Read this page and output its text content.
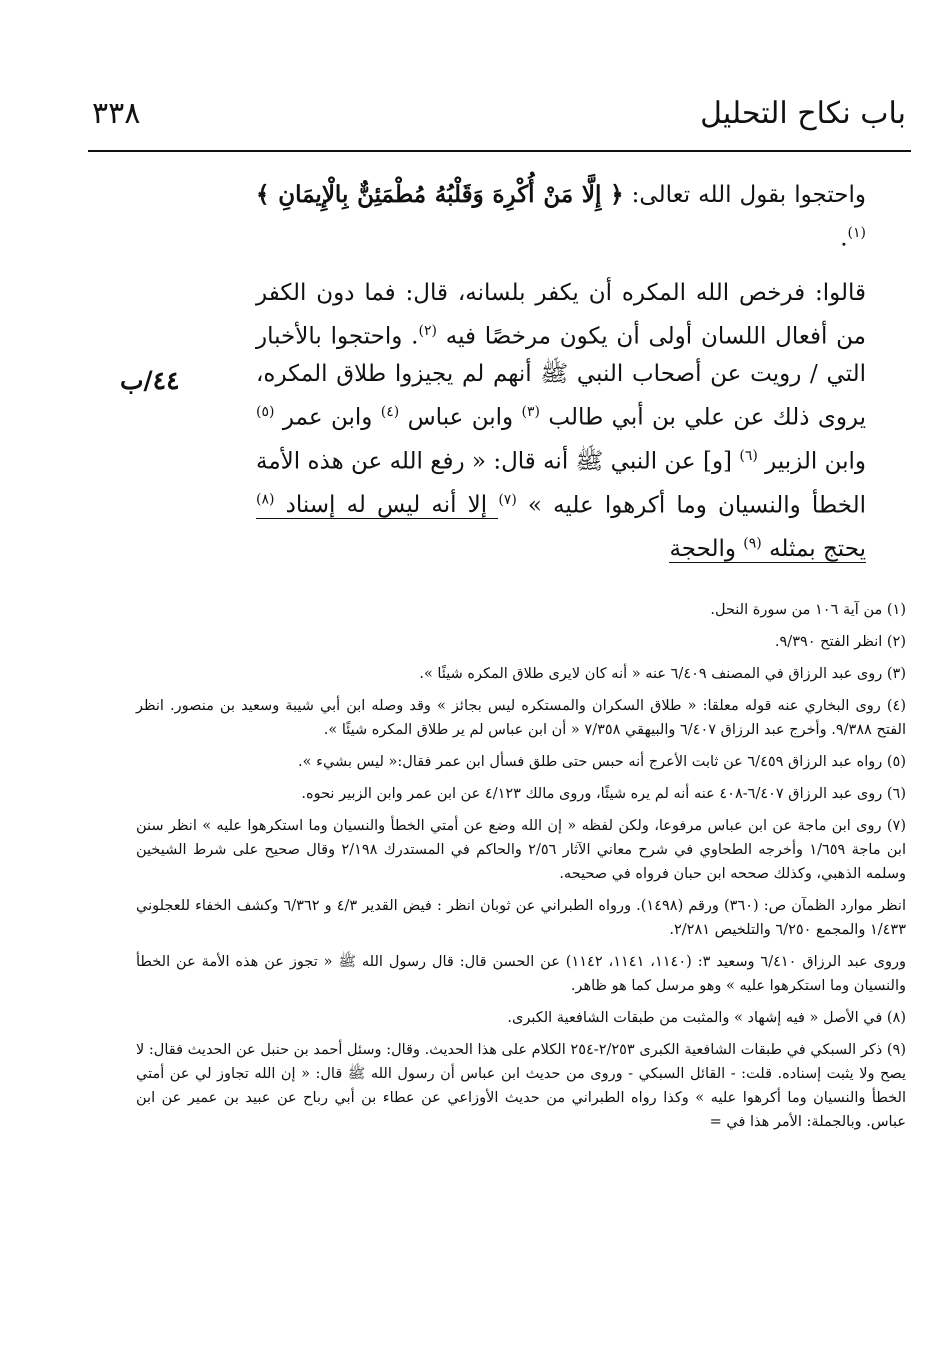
باب نكاح التحليل
٣٣٨
٤٤/ب

واحتجوا بقول الله تعالى: ﴿ إِلَّا مَنْ أُكْرِهَ وَقَلْبُهُ مُطْمَئِنٌّ بِالْإِيمَانِ ﴾ $^{(١)}$.

قالوا: فرخص الله المكره أن يكفر بلسانه، قال: فما دون الكفر من أفعال اللسان أولى أن يكون مرخصًا فيه $^{(٢)}$. واحتجوا بالأخبار التي / رويت عن أصحاب النبي ﷺ أنهم لم يجيزوا طلاق المكره، يروى ذلك عن علي بن أبي طالب $^{(٣)}$ وابن عباس $^{(٤)}$ وابن عمر $^{(٥)}$ وابن الزبير $^{(٦)}$ [و] عن النبي ﷺ أنه قال: « رفع الله عن هذه الأمة الخطأ والنسيان وما أكرهوا عليه » $^{(٧)}$ إلا أنه ليس له إسناد $^{(٨)}$ يحتج بمثله $^{(٩)}$ والحجة

(١) من آية ١٠٦ من سورة النحل.
(٢) انظر الفتح ٩/٣٩٠.
(٣) روى عبد الرزاق في المصنف ٦/٤٠٩ عنه « أنه كان لايرى طلاق المكره شيئًا ».
(٤) روى البخاري عنه قوله معلقا: « طلاق السكران والمستكره ليس بجائز » وقد وصله ابن أبي شيبة وسعيد بن منصور. انظر الفتح ٩/٣٨٨. وأخرج عبد الرزاق ٦/٤٠٧ والبيهقي ٧/٣٥٨ « أن ابن عباس لم ير طلاق المكره شيئًا ».
(٥) رواه عبد الرزاق ٦/٤٥٩ عن ثابت الأعرج أنه حبس حتى طلق فسأل ابن عمر فقال:« ليس بشيء ».
(٦) روى عبد الرزاق ٦/٤٠٧-٤٠٨ عنه أنه لم يره شيئًا، وروى مالك ٤/١٢٣ عن ابن عمر وابن الزبير نحوه.
(٧) روى ابن ماجة عن ابن عباس مرفوعا، ولكن لفظه « إن الله وضع عن أمتي الخطأ والنسيان وما استكرهوا عليه » انظر سنن ابن ماجة ١/٦٥٩ وأخرجه الطحاوي في شرح معاني الآثار ٢/٥٦ والحاكم في المستدرك ٢/١٩٨ وقال صحيح على شرط الشيخين وسلمه الذهبي، وكذلك صححه ابن حبان فرواه في صحيحه.
انظر موارد الظمآن ص: (٣٦٠) ورقم (١٤٩٨). ورواه الطبراني عن ثوبان انظر : فيض القدير ٤/٣ و ٦/٣٦٢ وكشف الخفاء للعجلوني ١/٤٣٣ والمجمع ٦/٢٥٠ والتلخيص ٢/٢٨١.
وروى عبد الرزاق ٦/٤١٠ وسعيد ٣: (١١٤٠، ١١٤١، ١١٤٢) عن الحسن قال: قال رسول الله ﷺ « تجوز عن هذه الأمة عن الخطأ والنسيان وما استكرهوا عليه » وهو مرسل كما هو ظاهر.
(٨) في الأصل « فيه إشهاد » والمثبت من طبقات الشافعية الكبرى.
(٩) ذكر السبكي في طبقات الشافعية الكبرى ٢/٢٥٣-٢٥٤ الكلام على هذا الحديث. وقال: وسئل أحمد بن حنبل عن الحديث فقال: لا يصح ولا يثبت إسناده. قلت: - القائل السبكي - وروى من حديث ابن عباس أن رسول الله ﷺ قال: « إن الله تجاوز لي عن أمتي الخطأ والنسيان وما أكرهوا عليه » وكذا رواه الطبراني من حديث الأوزاعي عن عطاء بن أبي رباح عن عبيد بن عمير عن ابن عباس. وبالجملة: الأمر هذا في =
